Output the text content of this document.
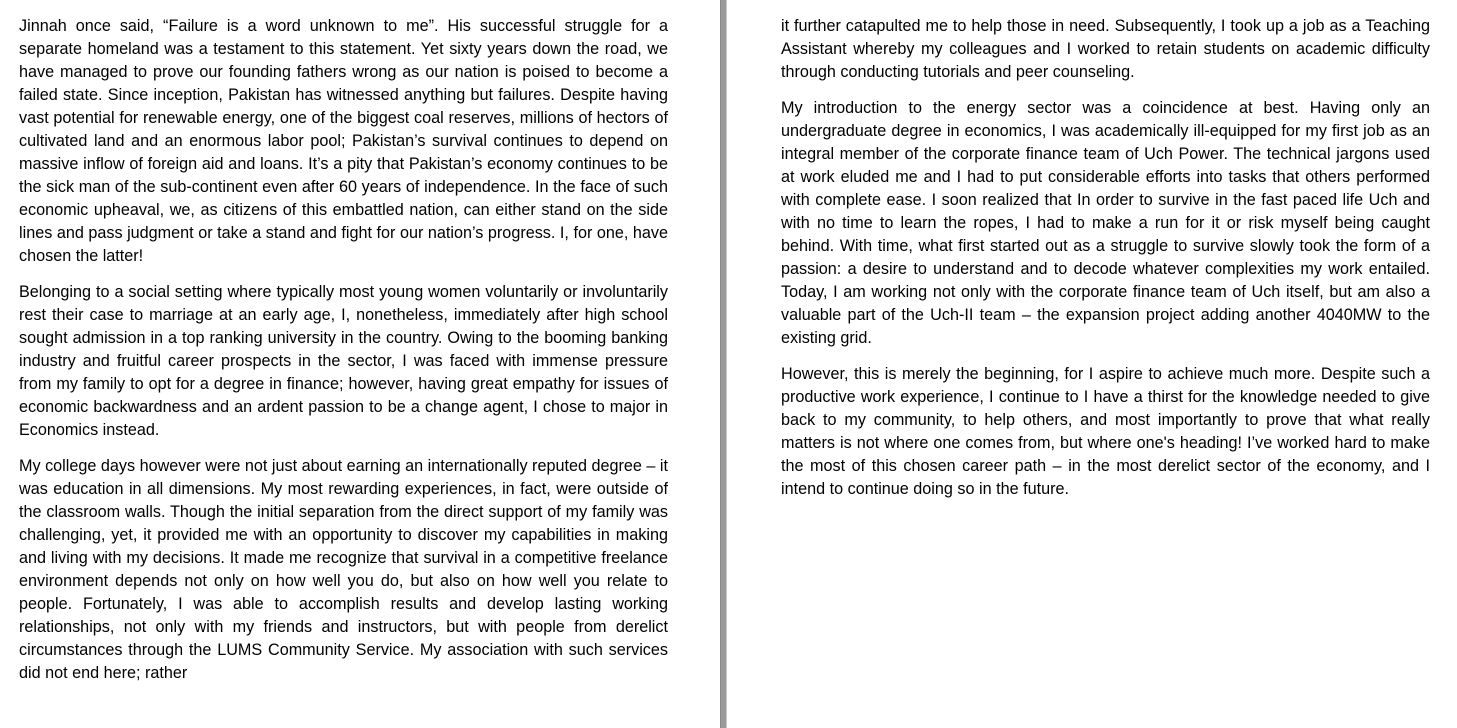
Jinnah once said, “Failure is a word unknown to me”. His successful struggle for a separate homeland was a testament to this statement. Yet sixty years down the road, we have managed to prove our founding fathers wrong as our nation is poised to become a failed state. Since inception, Pakistan has witnessed anything but failures. Despite having vast potential for renewable energy, one of the biggest coal reserves, millions of hectors of cultivated land and an enormous labor pool; Pakistan’s survival continues to depend on massive inflow of foreign aid and loans. It’s a pity that Pakistan’s economy continues to be the sick man of the sub-continent even after 60 years of independence. In the face of such economic upheaval, we, as citizens of this embattled nation, can either stand on the side lines and pass judgment or take a stand and fight for our nation’s progress. I, for one, have chosen the latter!

Belonging to a social setting where typically most young women voluntarily or involuntarily rest their case to marriage at an early age, I, nonetheless, immediately after high school sought admission in a top ranking university in the country. Owing to the booming banking industry and fruitful career prospects in the sector, I was faced with immense pressure from my family to opt for a degree in finance; however, having great empathy for issues of economic backwardness and an ardent passion to be a change agent, I chose to major in Economics instead.

My college days however were not just about earning an internationally reputed degree – it was education in all dimensions. My most rewarding experiences, in fact, were outside of the classroom walls. Though the initial separation from the direct support of my family was challenging, yet, it provided me with an opportunity to discover my capabilities in making and living with my decisions. It made me recognize that survival in a competitive freelance environment depends not only on how well you do, but also on how well you relate to people. Fortunately, I was able to accomplish results and develop lasting working relationships, not only with my friends and instructors, but with people from derelict circumstances through the LUMS Community Service. My association with such services did not end here; rather

it further catapulted me to help those in need. Subsequently, I took up a job as a Teaching Assistant whereby my colleagues and I worked to retain students on academic difficulty through conducting tutorials and peer counseling.

My introduction to the energy sector was a coincidence at best. Having only an undergraduate degree in economics, I was academically ill-equipped for my first job as an integral member of the corporate finance team of Uch Power. The technical jargons used at work eluded me and I had to put considerable efforts into tasks that others performed with complete ease. I soon realized that In order to survive in the fast paced life Uch and with no time to learn the ropes, I had to make a run for it or risk myself being caught behind. With time, what first started out as a struggle to survive slowly took the form of a passion: a desire to understand and to decode whatever complexities my work entailed. Today, I am working not only with the corporate finance team of Uch itself, but am also a valuable part of the Uch-II team – the expansion project adding another 4040MW to the existing grid.

However, this is merely the beginning, for I aspire to achieve much more. Despite such a productive work experience, I continue to I have a thirst for the knowledge needed to give back to my community, to help others, and most importantly to prove that what really matters is not where one comes from, but where one's heading! I’ve worked hard to make the most of this chosen career path – in the most derelict sector of the economy, and I intend to continue doing so in the future.
